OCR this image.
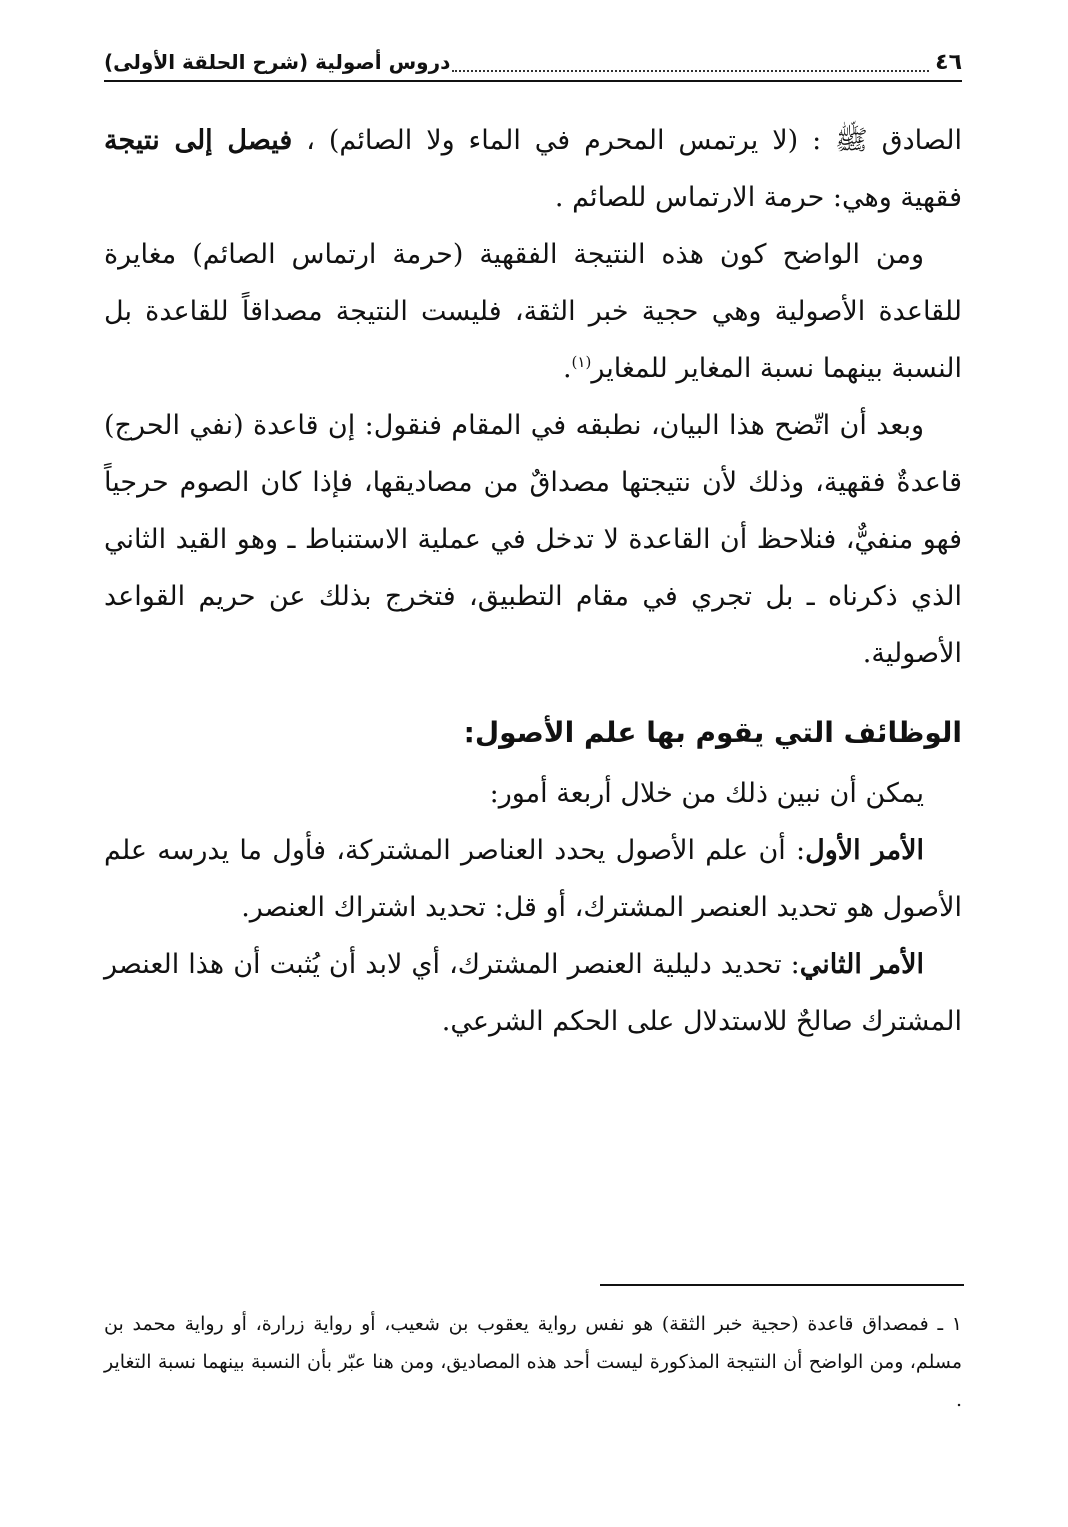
٤٦
دروس أصولية (شرح الحلقة الأولى)

الصادق ﷺ : (لا يرتمس المحرم في الماء ولا الصائم) ، فيصل إلى نتيجة فقهية وهي: حرمة الارتماس للصائم .

ومن الواضح كون هذه النتيجة الفقهية (حرمة ارتماس الصائم) مغايرة للقاعدة الأصولية وهي حجية خبر الثقة، فليست النتيجة مصداقاً للقاعدة بل النسبة بينهما نسبة المغاير للمغاير$^{(١)}$.

وبعد أن اتّضح هذا البيان، نطبقه في المقام فنقول: إن قاعدة (نفي الحرج) قاعدةٌ فقهية، وذلك لأن نتيجتها مصداقٌ من مصاديقها، فإذا كان الصوم حرجياً فهو منفيٌّ، فنلاحظ أن القاعدة لا تدخل في عملية الاستنباط ـ وهو القيد الثاني الذي ذكرناه ـ بل تجري في مقام التطبيق، فتخرج بذلك عن حريم القواعد الأصولية.

الوظائف التي يقوم بها علم الأصول:

يمكن أن نبين ذلك من خلال أربعة أمور:

الأمر الأول: أن علم الأصول يحدد العناصر المشتركة، فأول ما يدرسه علم الأصول هو تحديد العنصر المشترك، أو قل: تحديد اشتراك العنصر.

الأمر الثاني: تحديد دليلية العنصر المشترك، أي لابد أن يُثبت أن هذا العنصر المشترك صالحٌ للاستدلال على الحكم الشرعي.

١ ـ فمصداق قاعدة (حجية خبر الثقة) هو نفس رواية يعقوب بن شعيب، أو رواية زرارة، أو رواية محمد بن مسلم، ومن الواضح أن النتيجة المذكورة ليست أحد هذه المصاديق، ومن هنا عبّر بأن النسبة بينهما نسبة التغاير .
